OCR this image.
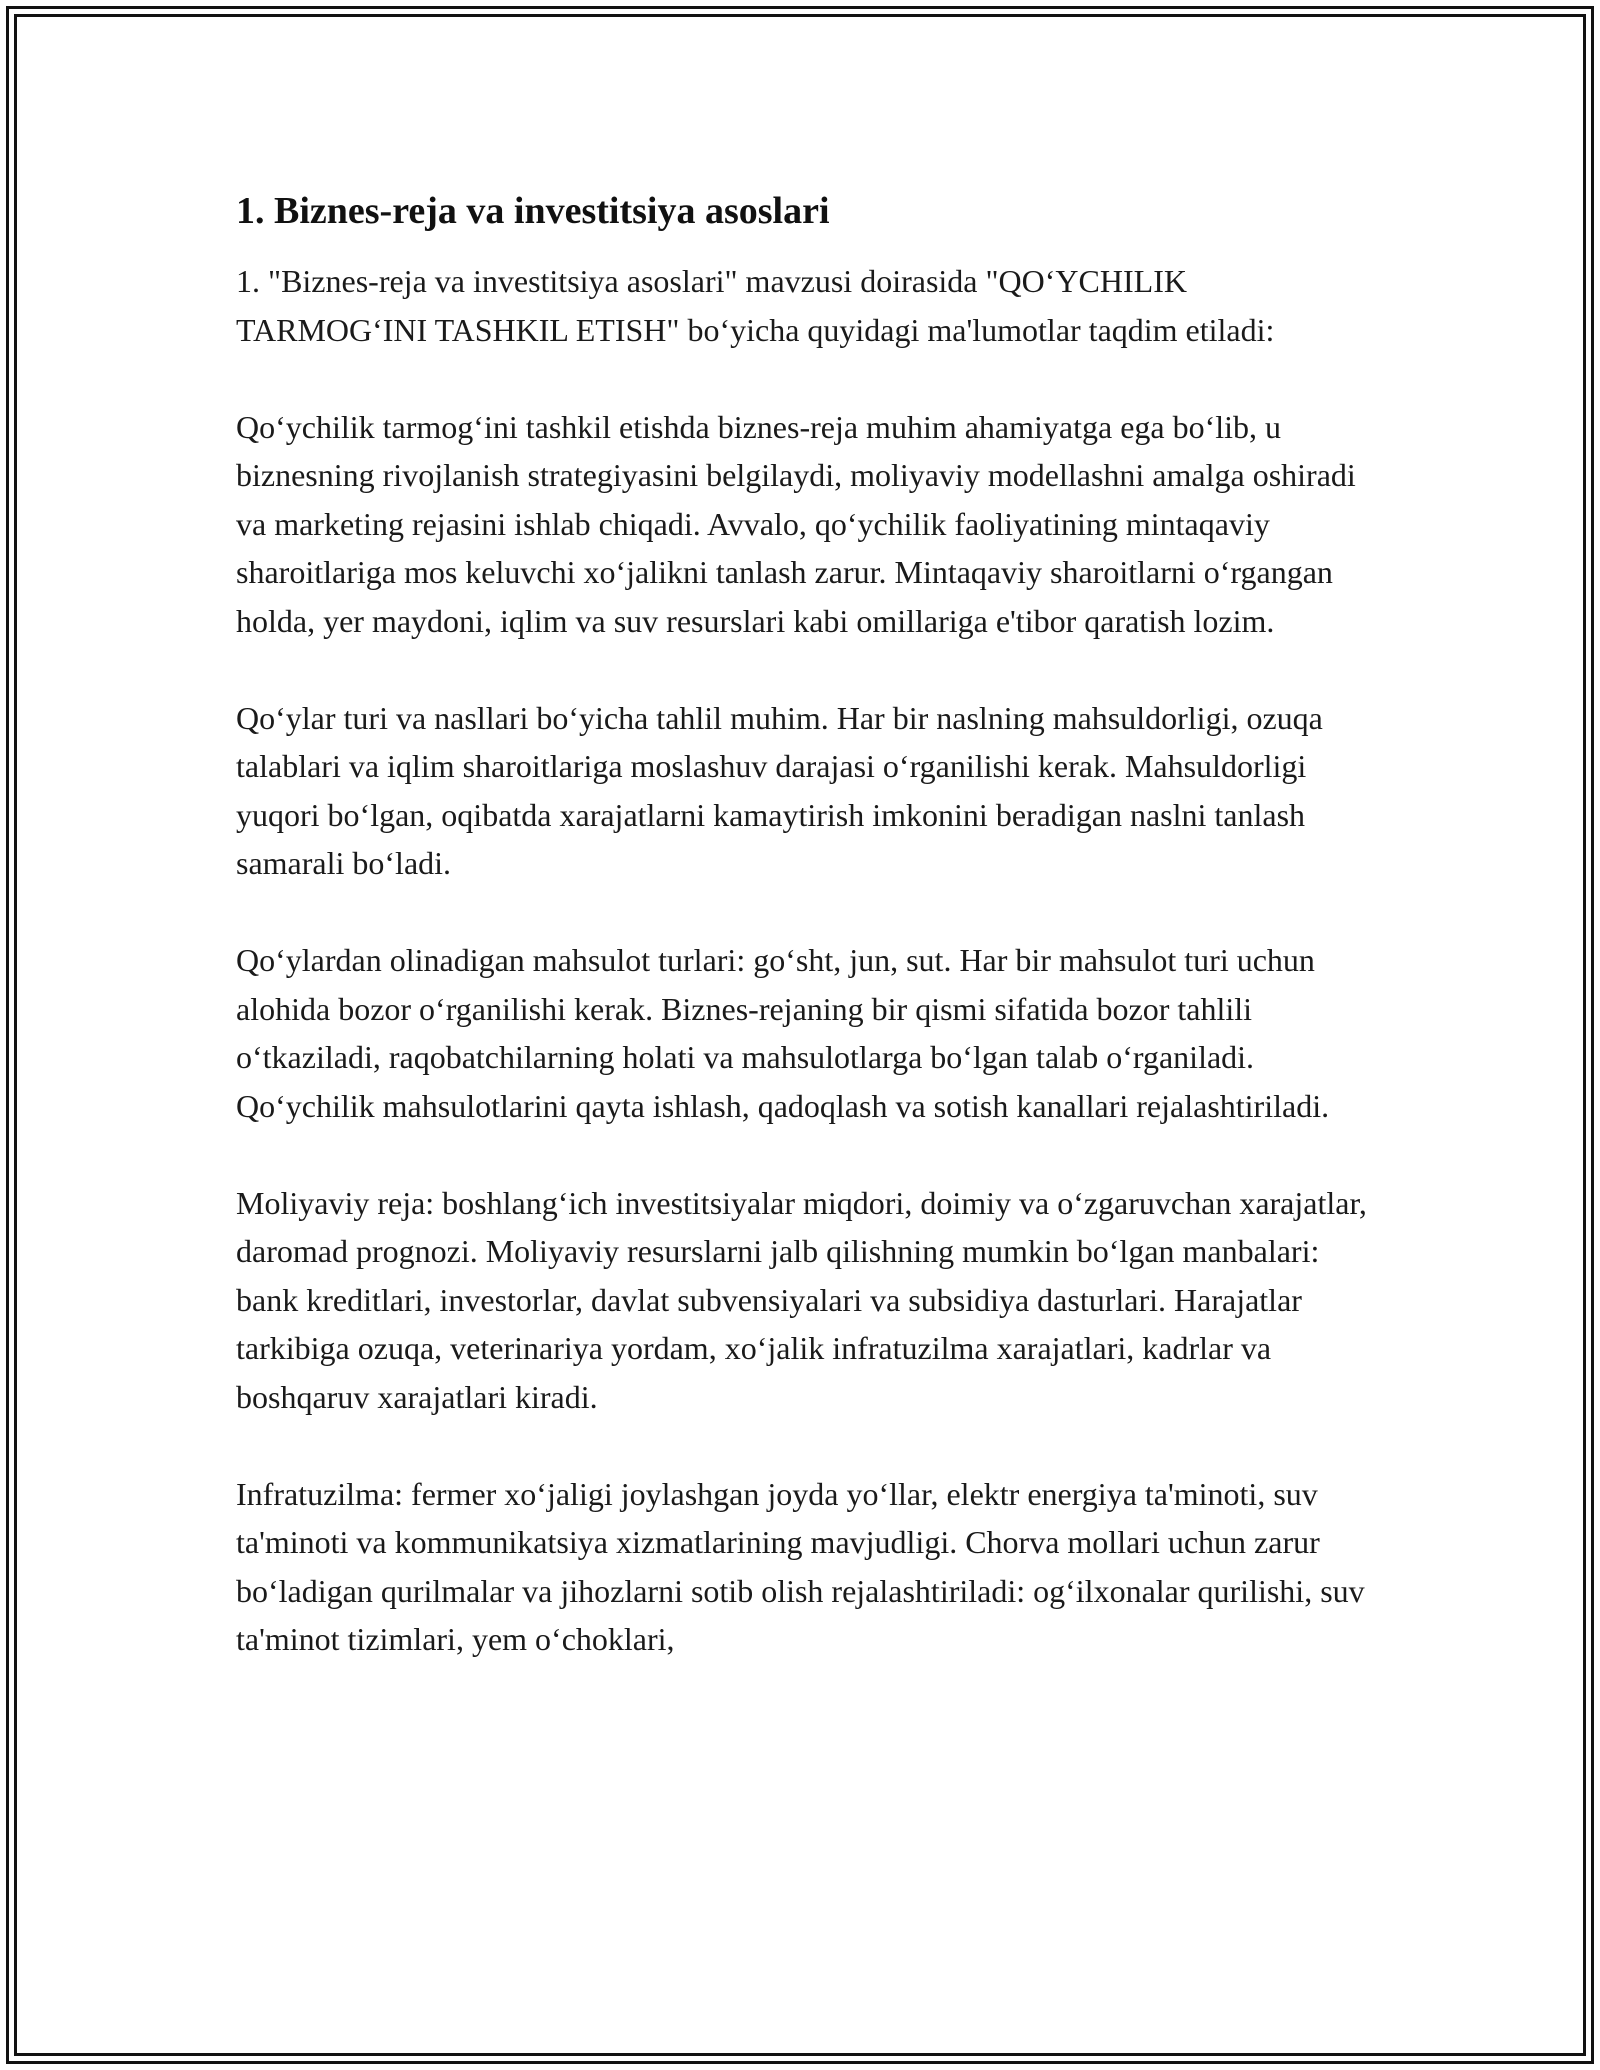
1. Biznes-reja va investitsiya asoslari

1. "Biznes-reja va investitsiya asoslari" mavzusi doirasida "QO‘YCHILIK TARMOG‘INI TASHKIL ETISH" bo‘yicha quyidagi ma'lumotlar taqdim etiladi:

Qo‘ychilik tarmog‘ini tashkil etishda biznes-reja muhim ahamiyatga ega bo‘lib, u biznesning rivojlanish strategiyasini belgilaydi, moliyaviy modellashni amalga oshiradi va marketing rejasini ishlab chiqadi. Avvalo, qo‘ychilik faoliyatining mintaqaviy sharoitlariga mos keluvchi xo‘jalikni tanlash zarur. Mintaqaviy sharoitlarni o‘rgangan holda, yer maydoni, iqlim va suv resurslari kabi omillariga e'tibor qaratish lozim.

Qo‘ylar turi va nasllari bo‘yicha tahlil muhim. Har bir naslning mahsuldorligi, ozuqa talablari va iqlim sharoitlariga moslashuv darajasi o‘rganilishi kerak. Mahsuldorligi yuqori bo‘lgan, oqibatda xarajatlarni kamaytirish imkonini beradigan naslni tanlash samarali bo‘ladi.

Qo‘ylardan olinadigan mahsulot turlari: go‘sht, jun, sut. Har bir mahsulot turi uchun alohida bozor o‘rganilishi kerak. Biznes-rejaning bir qismi sifatida bozor tahlili o‘tkaziladi, raqobatchilarning holati va mahsulotlarga bo‘lgan talab o‘rganiladi. Qo‘ychilik mahsulotlarini qayta ishlash, qadoqlash va sotish kanallari rejalashtiriladi.

Moliyaviy reja: boshlang‘ich investitsiyalar miqdori, doimiy va o‘zgaruvchan xarajatlar, daromad prognozi. Moliyaviy resurslarni jalb qilishning mumkin bo‘lgan manbalari: bank kreditlari, investorlar, davlat subvensiyalari va subsidiya dasturlari. Harajatlar tarkibiga ozuqa, veterinariya yordam, xo‘jalik infratuzilma xarajatlari, kadrlar va boshqaruv xarajatlari kiradi.

Infratuzilma: fermer xo‘jaligi joylashgan joyda yo‘llar, elektr energiya ta'minoti, suv ta'minoti va kommunikatsiya xizmatlarining mavjudligi. Chorva mollari uchun zarur bo‘ladigan qurilmalar va jihozlarni sotib olish rejalashtiriladi: og‘ilxonalar qurilishi, suv ta'minot tizimlari, yem o‘choklari,
